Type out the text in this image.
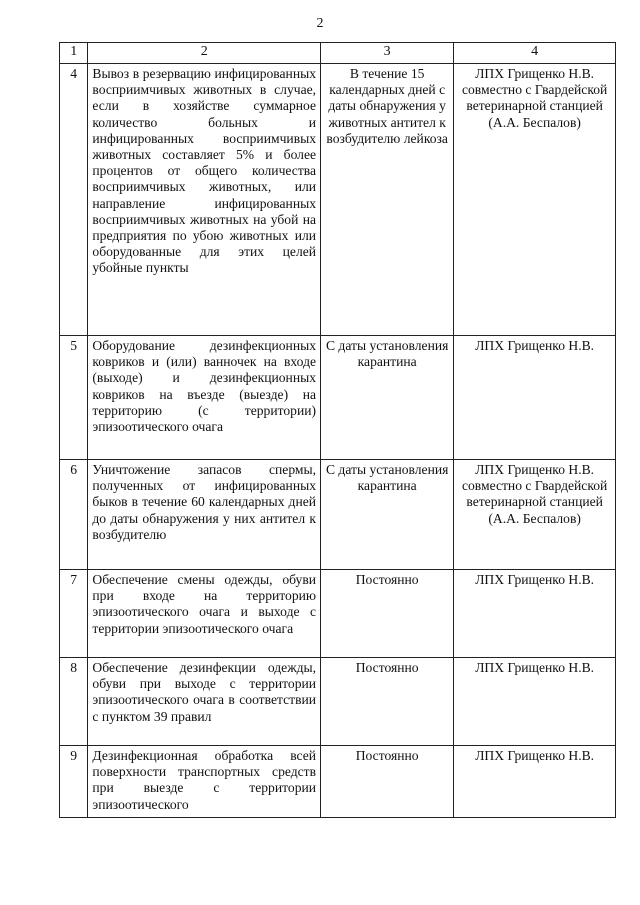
2
1	2	3	4
4	Вывоз в резервацию инфицированных восприимчивых животных в случае, если в хозяйстве суммарное количество больных и инфицированных восприимчивых животных составляет 5% и более процентов от общего количества восприимчивых животных, или направление инфицированных восприимчивых животных на убой на предприятия по убою животных или оборудованные для этих целей убойные пункты	В течение 15 календарных дней с даты обнаружения у животных антител к возбудителю лейкоза	ЛПХ Грищенко Н.В. совместно с Гвардейской ветеринарной станцией (А.А. Беспалов)
5	Оборудование дезинфекционных ковриков и (или) ванночек на входе (выходе) и дезинфекционных ковриков на въезде (выезде) на территорию (с территории) эпизоотического очага	С даты установления карантина	ЛПХ Грищенко Н.В.
6	Уничтожение запасов спермы, полученных от инфицированных быков в течение 60 календарных дней до даты обнаружения у них антител к возбудителю	С даты установления карантина	ЛПХ Грищенко Н.В. совместно с Гвардейской ветеринарной станцией (А.А. Беспалов)
7	Обеспечение смены одежды, обуви при входе на территорию эпизоотического очага и выходе с территории эпизоотического очага	Постоянно	ЛПХ Грищенко Н.В.
8	Обеспечение дезинфекции одежды, обуви при выходе с территории эпизоотического очага в соответствии с пунктом 39 правил	Постоянно	ЛПХ Грищенко Н.В.
9	Дезинфекционная обработка всей поверхности транспортных средств при выезде с территории эпизоотического	Постоянно	ЛПХ Грищенко Н.В.
